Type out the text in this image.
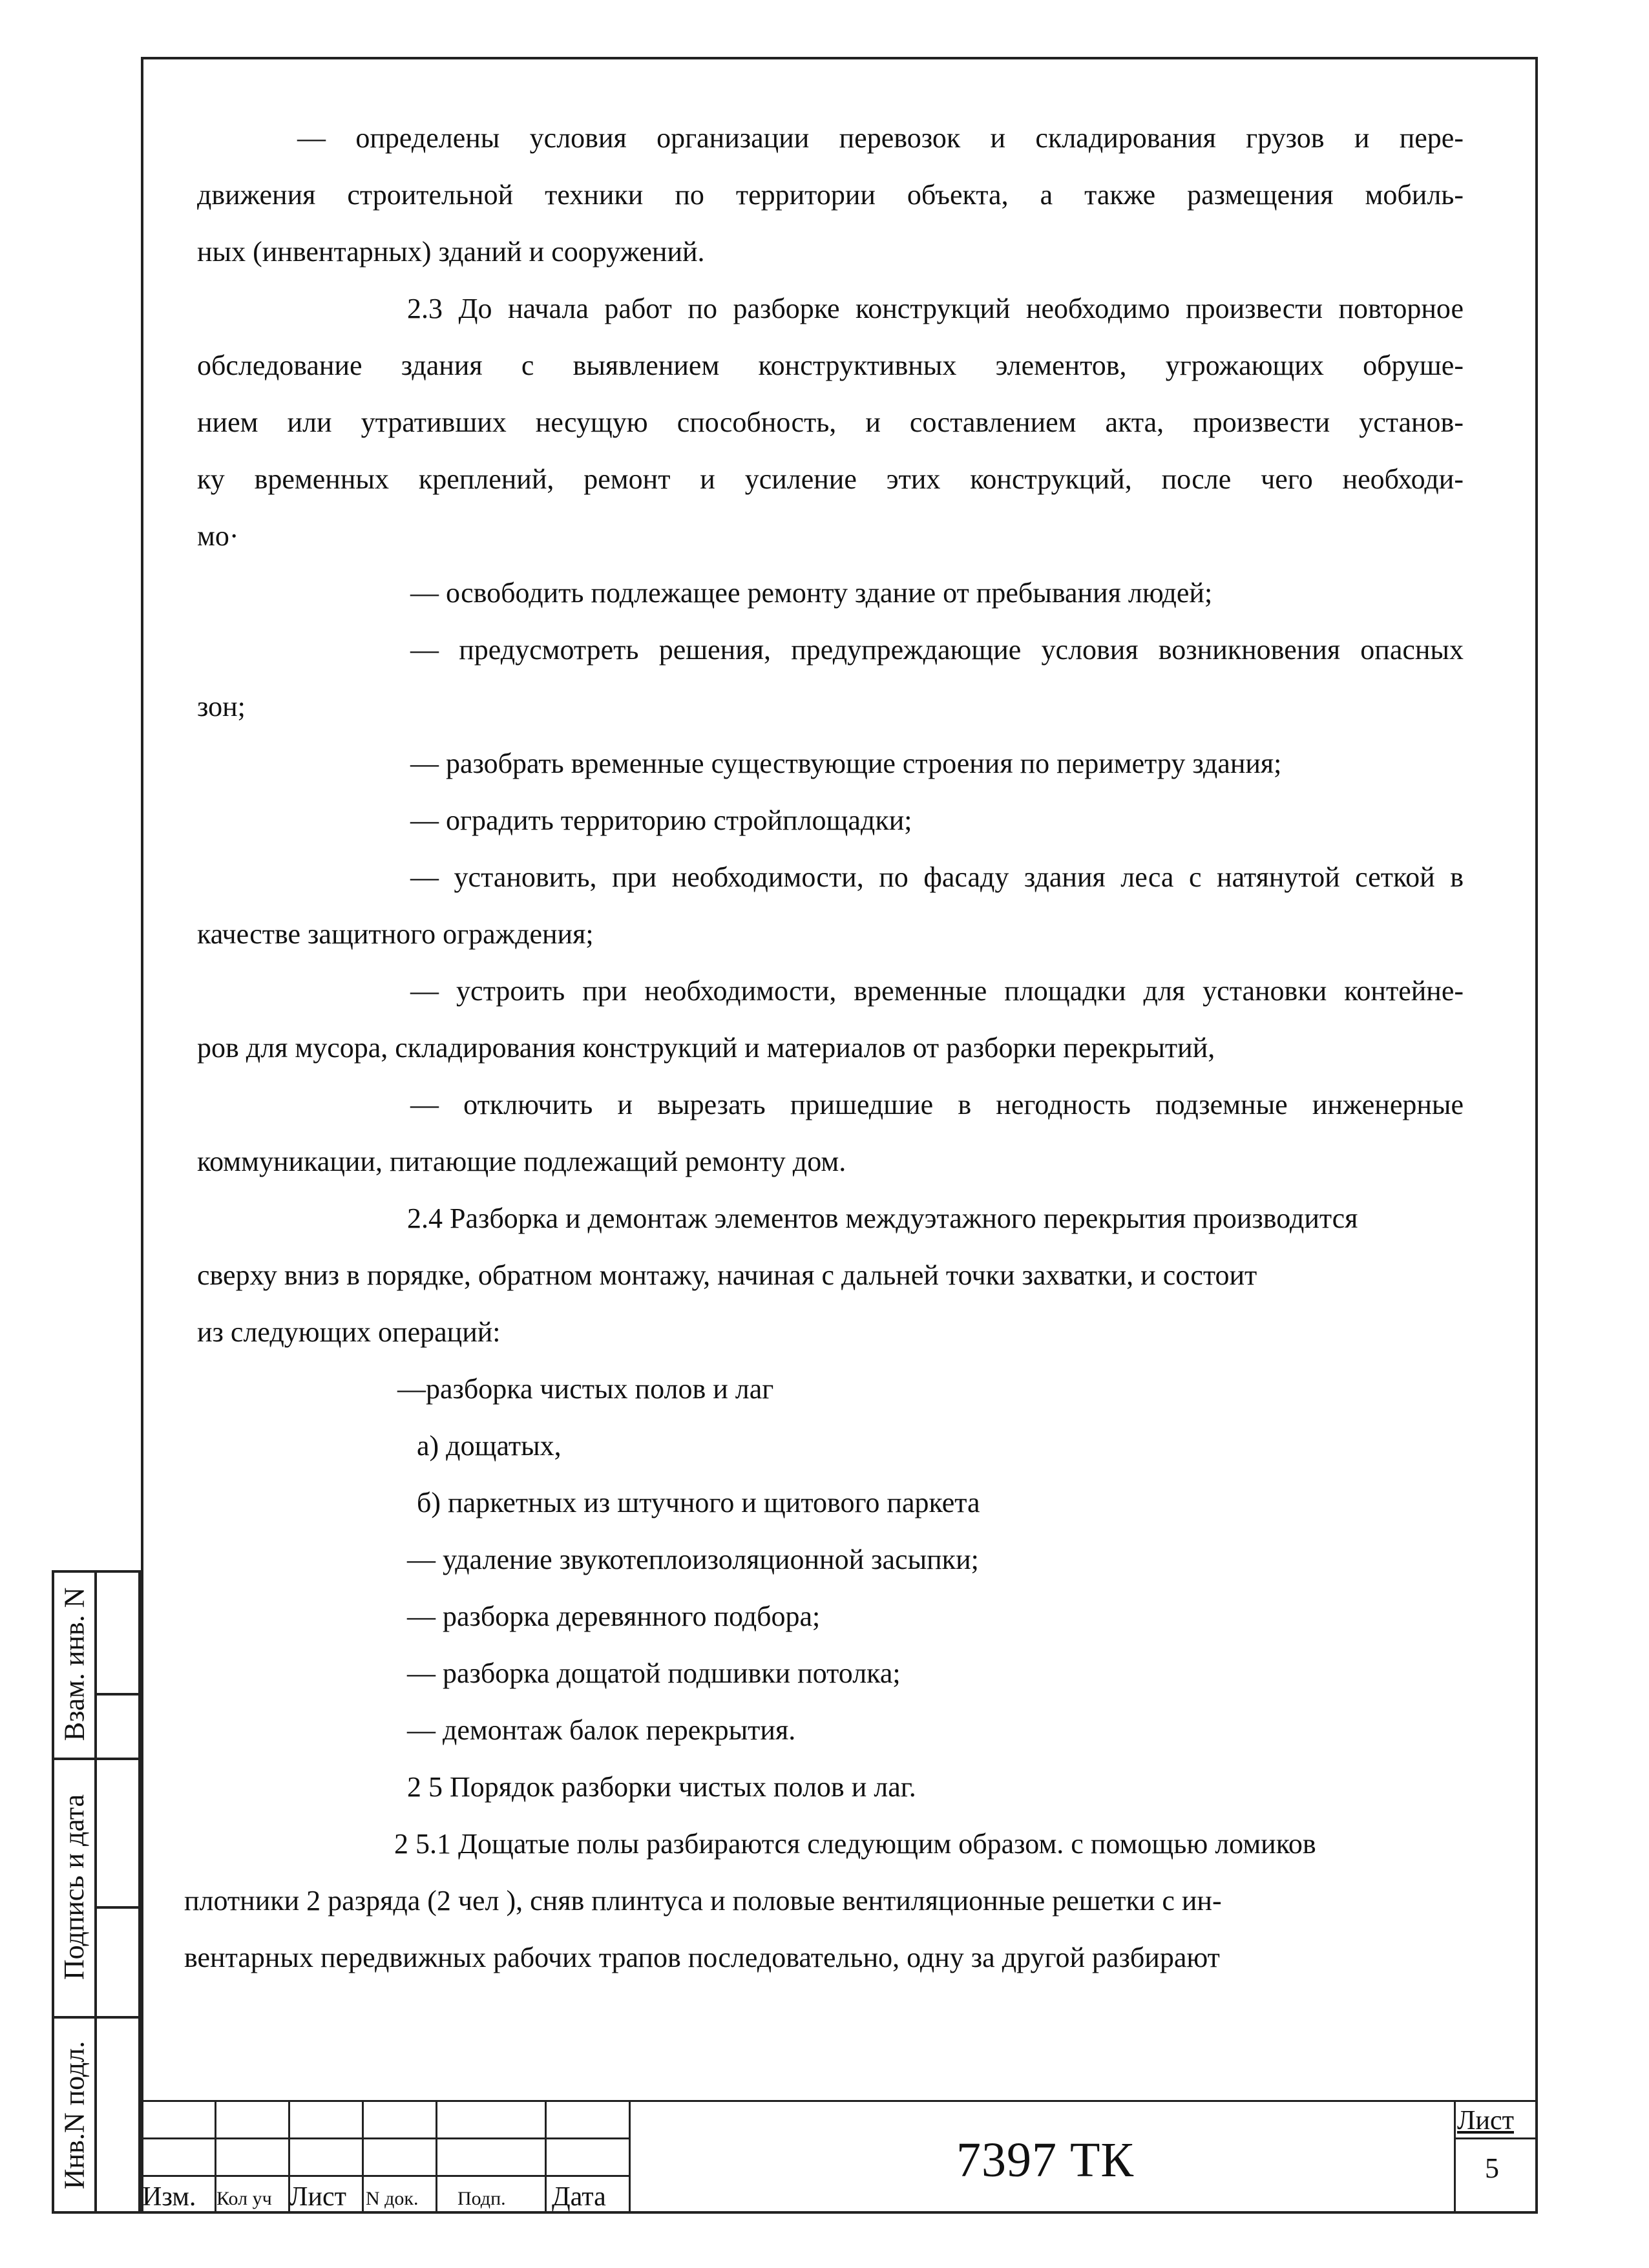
— определены условия организации перевозок и складирования грузов и пере-
движения строительной техники по территории объекта, а также размещения мобиль-
ных (инвентарных) зданий и сооружений.
2.3 До начала работ по разборке конструкций необходимо произвести повторное
обследование здания с выявлением конструктивных элементов, угрожающих обруше-
нием или утративших несущую способность, и составлением акта, произвести установ-
ку временных креплений, ремонт и усиление этих конструкций, после чего необходи-
мо·
— освободить подлежащее ремонту здание от пребывания людей;
— предусмотреть решения, предупреждающие условия возникновения опасных
зон;
— разобрать временные существующие строения по периметру здания;
— оградить территорию стройплощадки;
— установить, при необходимости, по фасаду здания леса с натянутой сеткой в
качестве защитного ограждения;
— устроить при необходимости, временные площадки для установки контейне-
ров для мусора, складирования конструкций и материалов от разборки перекрытий,
— отключить и вырезать пришедшие в негодность подземные инженерные
коммуникации, питающие подлежащий ремонту дом.
2.4 Разборка и демонтаж элементов междуэтажного перекрытия производится
сверху вниз в порядке, обратном монтажу, начиная с дальней точки захватки, и состоит
из следующих операций:
—разборка чистых полов и лаг
а) дощатых,
б) паркетных из штучного и щитового паркета
— удаление звукотеплоизоляционной засыпки;
— разборка деревянного подбора;
— разборка дощатой подшивки потолка;
— демонтаж балок перекрытия.
2 5 Порядок разборки чистых полов и лаг.
2 5.1 Дощатые полы разбираются следующим образом. с помощью ломиков
плотники 2 разряда (2 чел ), сняв плинтуса и половые вентиляционные решетки с ин-
вентарных передвижных рабочих трапов последовательно, одну за другой разбирают
Взам. инв. N
Подпись и дата
Инв.N подл.
Изм. Кол уч Лист N док. Подп. Дата
7397 ТК
Лист
5
